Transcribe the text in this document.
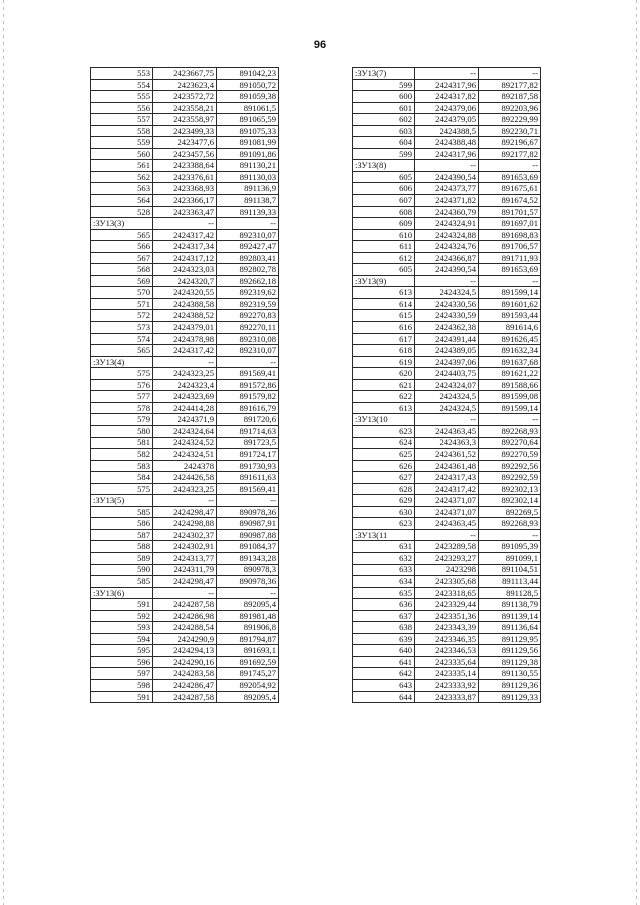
96
553	2423667,75	891042,23
554	2423623,4	891050,72
555	2423572,72	891059,38
556	2423558,21	891061,5
557	2423558,97	891065,59
558	2423499,33	891075,33
559	2423477,6	891081,99
560	2423457,56	891091,86
561	2423388,64	891130,21
562	2423376,61	891130,03
563	2423368,93	891136,9
564	2423366,17	891138,7
528	2423363,47	891139,33
:ЗУ13(3)	--	--
565	2424317,42	892310,07
566	2424317,34	892427,47
567	2424317,12	892803,41
568	2424323,03	892802,78
569	2424320,7	892662,18
570	2424320,55	892319,62
571	2424388,58	892319,59
572	2424388,52	892270,83
573	2424379,01	892270,11
574	2424378,98	892310,08
565	2424317,42	892310,07
:ЗУ13(4)	--	--
575	2424323,25	891569,41
576	2424323,4	891572,86
577	2424323,69	891579,82
578	2424414,28	891616,79
579	2424371,9	891720,6
580	2424324,64	891714,63
581	2424324,52	891723,5
582	2424324,51	891724,17
583	2424378	891730,93
584	2424426,58	891611,63
575	2424323,25	891569,41
:ЗУ13(5)	--	--
585	2424298,47	890978,36
586	2424298,88	890987,91
587	2424302,37	890987,88
588	2424302,91	891084,37
589	2424313,77	891343,28
590	2424311,79	890978,3
585	2424298,47	890978,36
:ЗУ13(6)	--	--
591	2424287,58	892095,4
592	2424286,98	891981,48
593	2424288,54	891906,8
594	2424290,9	891794,87
595	2424294,13	891693,1
596	2424290,16	891692,59
597	2424283,58	891745,27
598	2424286,47	892054,92
591	2424287,58	892095,4
:ЗУ13(7)	--	--
599	2424317,96	892177,82
600	2424317,82	892187,58
601	2424379,06	892203,96
602	2424379,05	892229,99
603	2424388,5	892230,71
604	2424388,48	892196,67
599	2424317,96	892177,82
:ЗУ13(8)	--	--
605	2424390,54	891653,69
606	2424373,77	891675,61
607	2424371,82	891674,52
608	2424360,79	891701,57
609	2424324,91	891697,01
610	2424324,88	891698,83
611	2424324,76	891706,57
612	2424366,87	891711,93
605	2424390,54	891653,69
:ЗУ13(9)	--	--
613	2424324,5	891599,14
614	2424330,56	891601,62
615	2424330,59	891593,44
616	2424362,38	891614,6
617	2424391,44	891626,45
618	2424389,05	891632,34
619	2424397,06	891637,68
620	2424403,75	891621,22
621	2424324,07	891588,66
622	2424324,5	891599,08
613	2424324,5	891599,14
:ЗУ13(10	--	--
623	2424363,45	892268,93
624	2424363,3	892270,64
625	2424361,52	892270,59
626	2424361,48	892292,56
627	2424317,43	892292,59
628	2424317,42	892302,13
629	2424371,07	892302,14
630	2424371,07	892269,5
623	2424363,45	892268,93
:ЗУ13(11	--	--
631	2423289,58	891095,39
632	2423293,27	891099,1
633	2423298	891104,51
634	2423305,68	891113,44
635	2423318,65	891128,5
636	2423329,44	891138,79
637	2423351,36	891139,14
638	2423343,39	891136,64
639	2423346,35	891129,95
640	2423346,53	891129,56
641	2423335,64	891129,38
642	2423335,14	891130,55
643	2423333,92	891129,36
644	2423333,87	891129,33
